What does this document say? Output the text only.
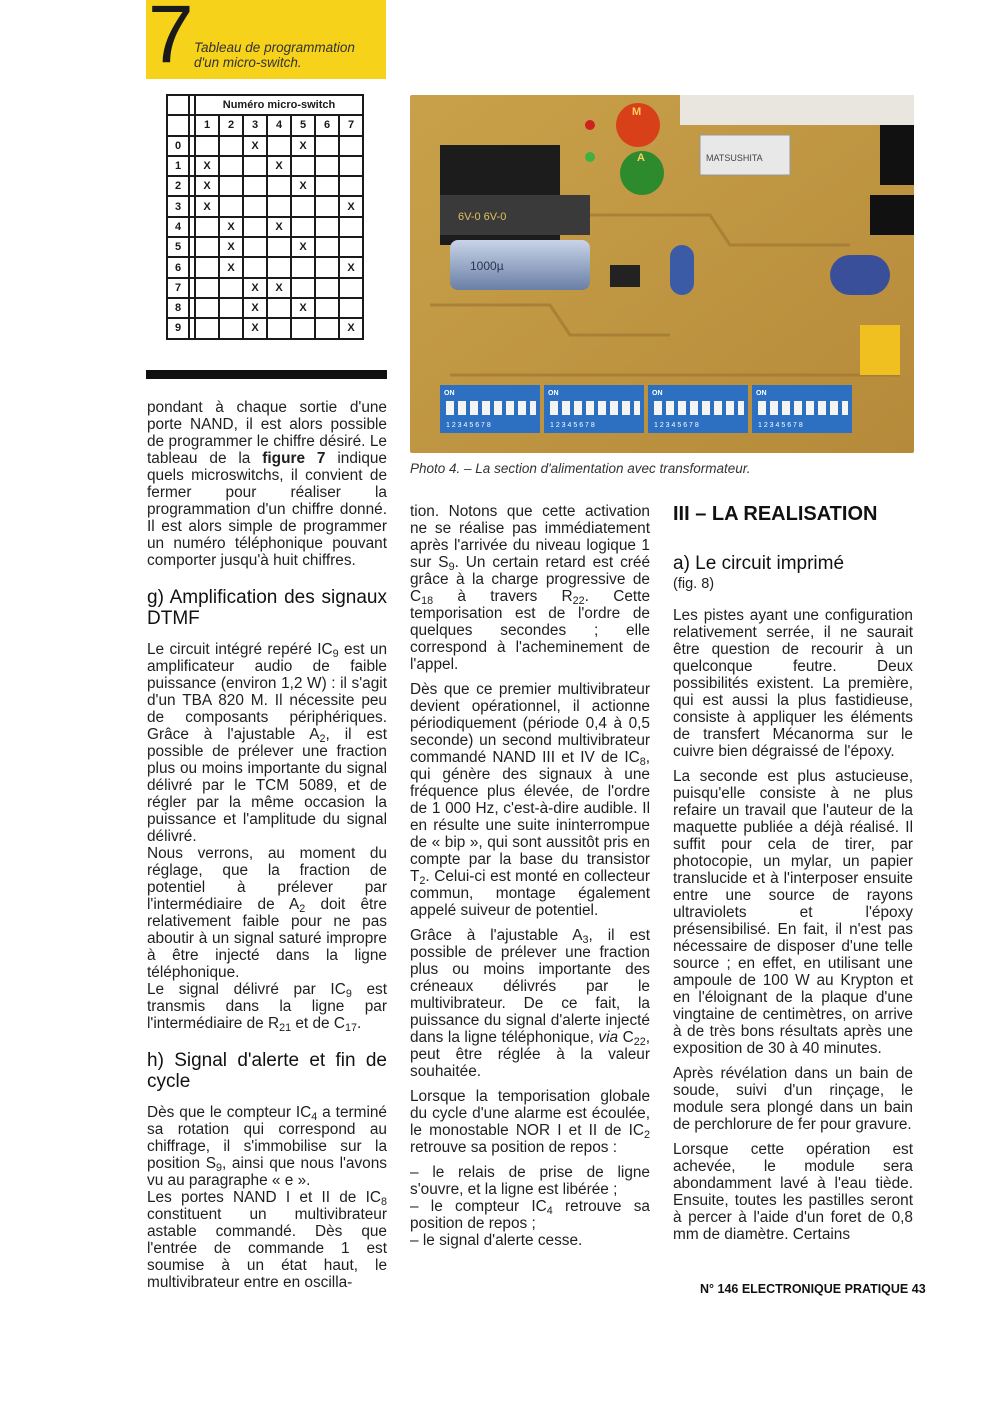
7 Tableau de programmation
d'un micro-switch.
		Numéro micro-switch						
		1	2	3	4	5	6	7
0				X		X		
1		X			X			
2		X				X		
3		X						X
4			X		X			
5			X			X		
6			X					X
7				X	X			
8				X		X		
9				X				X

pondant à chaque sortie d'une porte NAND, il est alors possible de programmer le chiffre désiré. Le tableau de la figure 7 indique quels microswitchs, il convient de fermer pour réaliser la programmation d'un chiffre donné. Il est alors simple de programmer un numéro téléphonique pouvant comporter jusqu'à huit chiffres.

g) Amplification des signaux DTMF

Le circuit intégré repéré $IC_9$ est un amplificateur audio de faible puissance (environ 1,2 W) : il s'agit d'un TBA 820 M. Il nécessite peu de composants périphériques. Grâce à l'ajustable $A_2$, il est possible de prélever une fraction plus ou moins importante du signal délivré par le TCM 5089, et de régler par la même occasion la puissance et l'amplitude du signal délivré.

Nous verrons, au moment du réglage, que la fraction de potentiel à prélever par l'intermédiaire de $A_2$ doit être relativement faible pour ne pas aboutir à un signal saturé impropre à être injecté dans la ligne téléphonique.

Le signal délivré par $IC_9$ est transmis dans la ligne par l'intermédiaire de $R_{21}$ et de $C_{17}$.

h) Signal d'alerte et fin de cycle

Dès que le compteur $IC_4$ a terminé sa rotation qui correspond au chiffrage, il s'immobilise sur la position $S_9$, ainsi que nous l'avons vu au paragraphe « e ».

Les portes NAND I et II de $IC_8$ constituent un multivibrateur astable commandé. Dès que l'entrée de commande 1 est soumise à un état haut, le multivibrateur entre en oscilla-

6V-0 6V-0
1000µ
M
A	MATSUSHITA
ON	ON	ON	ON
1 2 3 4 5 6 7 8	1 2 3 4 5 6 7 8	1 2 3 4 5 6 7 8	1 2 3 4 5 6 7 8
Photo 4. – La section d'alimentation avec transformateur.

tion. Notons que cette activation ne se réalise pas immédiatement après l'arrivée du niveau logique 1 sur $S_9$. Un certain retard est créé grâce à la charge progressive de $C_{18}$ à travers $R_{22}$. Cette temporisation est de l'ordre de quelques secondes ; elle correspond à l'acheminement de l'appel.

Dès que ce premier multivibrateur devient opérationnel, il actionne périodiquement (période 0,4 à 0,5 seconde) un second multivibrateur commandé NAND III et IV de $IC_8$, qui génère des signaux à une fréquence plus élevée, de l'ordre de 1 000 Hz, c'est-à-dire audible. Il en résulte une suite ininterrompue de « bip », qui sont aussitôt pris en compte par la base du transistor $T_2$. Celui-ci est monté en collecteur commun, montage également appelé suiveur de potentiel.

Grâce à l'ajustable $A_3$, il est possible de prélever une fraction plus ou moins importante des créneaux délivrés par le multivibrateur. De ce fait, la puissance du signal d'alerte injecté dans la ligne téléphonique, via $C_{22}$, peut être réglée à la valeur souhaitée.

Lorsque la temporisation globale du cycle d'une alarme est écoulée, le monostable NOR I et II de $IC_2$ retrouve sa position de repos :

– le relais de prise de ligne s'ouvre, et la ligne est libérée ;
– le compteur $IC_4$ retrouve sa position de repos ;
– le signal d'alerte cesse.
III – LA REALISATION
a) Le circuit imprimé

(fig. 8)

Les pistes ayant une configuration relativement serrée, il ne saurait être question de recourir à un quelconque feutre. Deux possibilités existent. La première, qui est aussi la plus fastidieuse, consiste à appliquer les éléments de transfert Mécanorma sur le cuivre bien dégraissé de l'époxy.

La seconde est plus astucieuse, puisqu'elle consiste à ne plus refaire un travail que l'auteur de la maquette publiée a déjà réalisé. Il suffit pour cela de tirer, par photocopie, un mylar, un papier translucide et à l'interposer ensuite entre une source de rayons ultraviolets et l'époxy présensibilisé. En fait, il n'est pas nécessaire de disposer d'une telle source ; en effet, en utilisant une ampoule de 100 W au Krypton et en l'éloignant de la plaque d'une vingtaine de centimètres, on arrive à de très bons résultats après une exposition de 30 à 40 minutes.

Après révélation dans un bain de soude, suivi d'un rinçage, le module sera plongé dans un bain de perchlorure de fer pour gravure.

Lorsque cette opération est achevée, le module sera abondamment lavé à l'eau tiède. Ensuite, toutes les pastilles seront à percer à l'aide d'un foret de 0,8 mm de diamètre. Certains

N° 146 ELECTRONIQUE PRATIQUE 43
